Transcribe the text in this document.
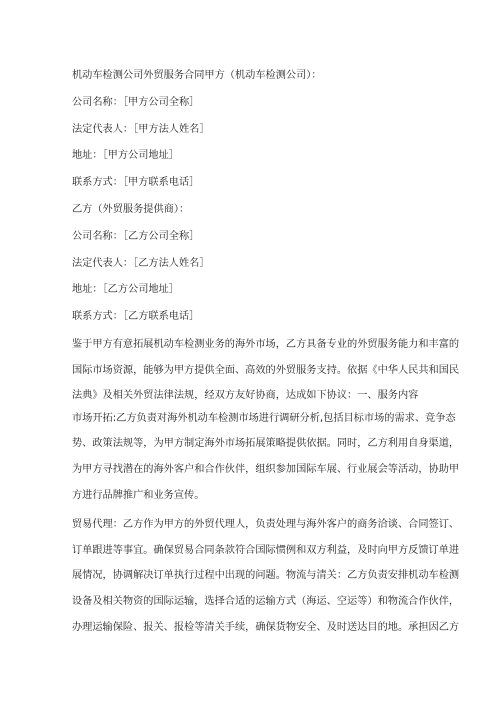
机动车检测公司外贸服务合同甲方（机动车检测公司）：
公司名称：［甲方公司全称］
法定代表人：［甲方法人姓名］
地址：［甲方公司地址］
联系方式：［甲方联系电话］
乙方（外贸服务提供商）：
公司名称：［乙方公司全称］
法定代表人：［乙方法人姓名］
地址：［乙方公司地址］
联系方式：［乙方联系电话］
鉴于甲方有意拓展机动车检测业务的海外市场，乙方具备专业的外贸服务能力和丰富的
国际市场资源，能够为甲方提供全面、高效的外贸服务支持。依据《中华人民共和国民
法典》及相关外贸法律法规，经双方友好协商，达成如下协议：一、服务内容
市场开拓:乙方负责对海外机动车检测市场进行调研分析,包括目标市场的需求、竞争态
势、政策法规等，为甲方制定海外市场拓展策略提供依据。同时，乙方利用自身渠道，
为甲方寻找潜在的海外客户和合作伙伴，组织参加国际车展、行业展会等活动，协助甲
方进行品牌推广和业务宣传。
贸易代理：乙方作为甲方的外贸代理人，负责处理与海外客户的商务洽谈、合同签订、
订单跟进等事宜。确保贸易合同条款符合国际惯例和双方利益，及时向甲方反馈订单进
展情况，协调解决订单执行过程中出现的问题。物流与清关：乙方负责安排机动车检测
设备及相关物资的国际运输，选择合适的运输方式（海运、空运等）和物流合作伙伴，
办理运输保险、报关、报检等清关手续，确保货物安全、及时送达目的地。承担因乙方
